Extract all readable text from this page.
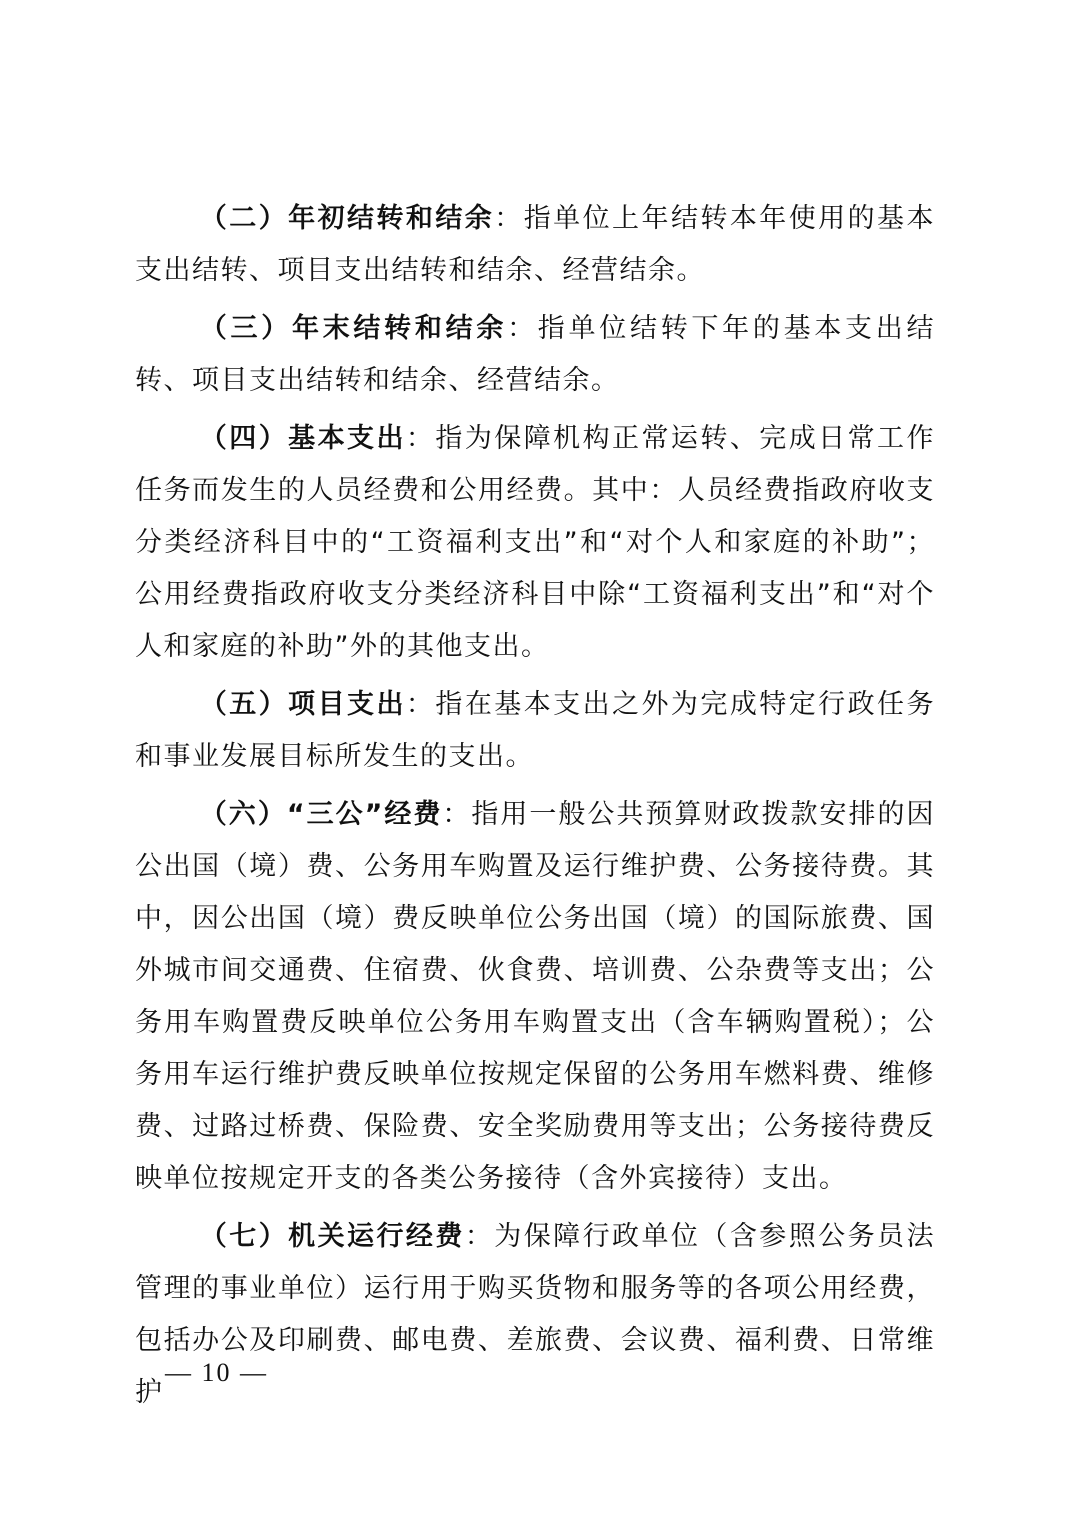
（二）年初结转和结余：指单位上年结转本年使用的基本支出结转、项目支出结转和结余、经营结余。

（三）年末结转和结余：指单位结转下年的基本支出结转、项目支出结转和结余、经营结余。

（四）基本支出：指为保障机构正常运转、完成日常工作任务而发生的人员经费和公用经费。其中：人员经费指政府收支分类经济科目中的“工资福利支出”和“对个人和家庭的补助”；公用经费指政府收支分类经济科目中除“工资福利支出”和“对个人和家庭的补助”外的其他支出。

（五）项目支出：指在基本支出之外为完成特定行政任务和事业发展目标所发生的支出。

（六）“三公”经费：指用一般公共预算财政拨款安排的因公出国（境）费、公务用车购置及运行维护费、公务接待费。其中，因公出国（境）费反映单位公务出国（境）的国际旅费、国外城市间交通费、住宿费、伙食费、培训费、公杂费等支出；公务用车购置费反映单位公务用车购置支出（含车辆购置税）；公务用车运行维护费反映单位按规定保留的公务用车燃料费、维修费、过路过桥费、保险费、安全奖励费用等支出；公务接待费反映单位按规定开支的各类公务接待（含外宾接待）支出。

（七）机关运行经费：为保障行政单位（含参照公务员法管理的事业单位）运行用于购买货物和服务等的各项公用经费，包括办公及印刷费、邮电费、差旅费、会议费、福利费、日常维护

— 10 —
